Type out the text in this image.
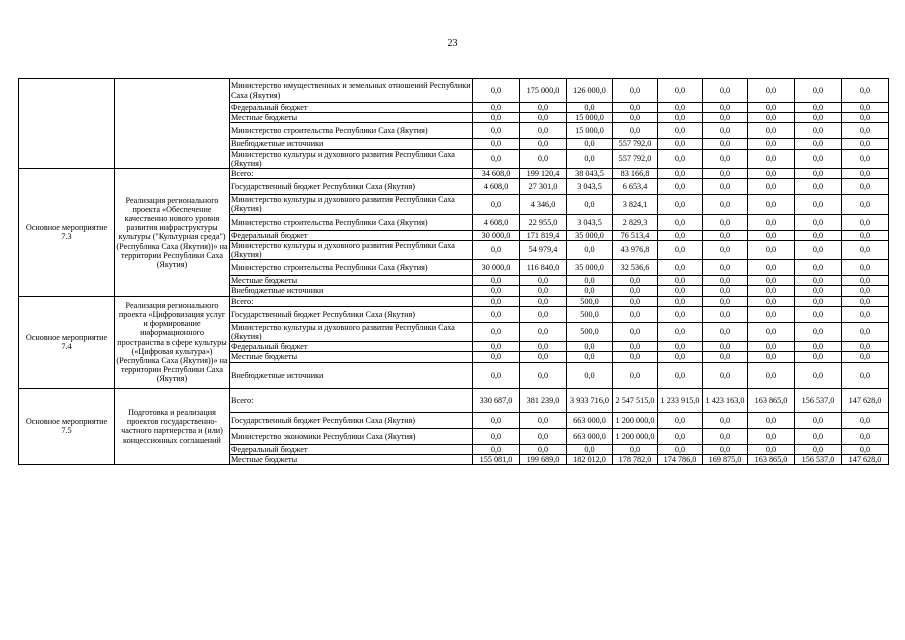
23
		Министерство имущественных и земельных отношений Республики Саха (Якутия)	0,0	175 000,0	126 000,0	0,0	0,0	0,0	0,0	0,0	0,0
		Федеральный бюджет	0,0	0,0	0,0	0,0	0,0	0,0	0,0	0,0	0,0
		Местные бюджеты	0,0	0,0	15 000,0	0,0	0,0	0,0	0,0	0,0	0,0
		Министерство строительства Республики Саха (Якутия)	0,0	0,0	15 000,0	0,0	0,0	0,0	0,0	0,0	0,0
		Внебюджетные источники	0,0	0,0	0,0	557 792,0	0,0	0,0	0,0	0,0	0,0
		Министерство культуры и духовного развития Республики Саха (Якутия)	0,0	0,0	0,0	557 792,0	0,0	0,0	0,0	0,0	0,0
Основное мероприятие 7.3	Реализация регионального проекта «Обеспечение качественно нового уровня развития инфраструктуры культуры ("Культурная среда") (Республика Саха (Якутия))» на территории Республики Саха (Якутия)	Всего:	34 608,0	199 120,4	38 043,5	83 166,8	0,0	0,0	0,0	0,0	0,0
		Государственный бюджет Республики Саха (Якутия)	4 608,0	27 301,0	3 043,5	6 653,4	0,0	0,0	0,0	0,0	0,0
		Министерство культуры и духовного развития Республики Саха (Якутия)	0,0	4 346,0	0,0	3 824,1	0,0	0,0	0,0	0,0	0,0
		Министерство строительства Республики Саха (Якутия)	4 608,0	22 955,0	3 043,5	2 829,3	0,0	0,0	0,0	0,0	0,0
		Федеральный бюджет	30 000,0	171 819,4	35 000,0	76 513,4	0,0	0,0	0,0	0,0	0,0
		Министерство культуры и духовного развития Республики Саха (Якутия)	0,0	54 979,4	0,0	43 976,8	0,0	0,0	0,0	0,0	0,0
		Министерство строительства Республики Саха (Якутия)	30 000,0	116 840,0	35 000,0	32 536,6	0,0	0,0	0,0	0,0	0,0
		Местные бюджеты	0,0	0,0	0,0	0,0	0,0	0,0	0,0	0,0	0,0
		Внебюджетные источники	0,0	0,0	0,0	0,0	0,0	0,0	0,0	0,0	0,0
Основное мероприятие 7.4	Реализация регионального проекта «Цифровизация услуг и формирование информационного пространства в сфере культуры («Цифровая культура») (Республика Саха (Якутия))» на территории Республики Саха (Якутия)	Всего:	0,0	0,0	500,0	0,0	0,0	0,0	0,0	0,0	0,0
		Государственный бюджет Республики Саха (Якутия)	0,0	0,0	500,0	0,0	0,0	0,0	0,0	0,0	0,0
		Министерство культуры и духовного развития Республики Саха (Якутия)	0,0	0,0	500,0	0,0	0,0	0,0	0,0	0,0	0,0
		Федеральный бюджет	0,0	0,0	0,0	0,0	0,0	0,0	0,0	0,0	0,0
		Местные бюджеты	0,0	0,0	0,0	0,0	0,0	0,0	0,0	0,0	0,0
		Внебюджетные источники	0,0	0,0	0,0	0,0	0,0	0,0	0,0	0,0	0,0
Основное мероприятие 7.5	Подготовка и реализация проектов государственно-частного партнерства и (или) концессионных соглашений	Всего:	330 687,0	381 239,0	3 933 716,0	2 547 515,0	1 233 915,0	1 423 163,0	163 865,0	156 537,0	147 628,0
		Государственный бюджет Республики Саха (Якутия)	0,0	0,0	663 000,0	1 200 000,0	0,0	0,0	0,0	0,0	0,0
		Министерство экономики Республики Саха (Якутия)	0,0	0,0	663 000,0	1 200 000,0	0,0	0,0	0,0	0,0	0,0
		Федеральный бюджет	0,0	0,0	0,0	0,0	0,0	0,0	0,0	0,0	0,0
		Местные бюджеты	155 081,0	199 689,0	182 012,0	178 782,0	174 786,0	169 875,0	163 865,0	156 537,0	147 628,0
